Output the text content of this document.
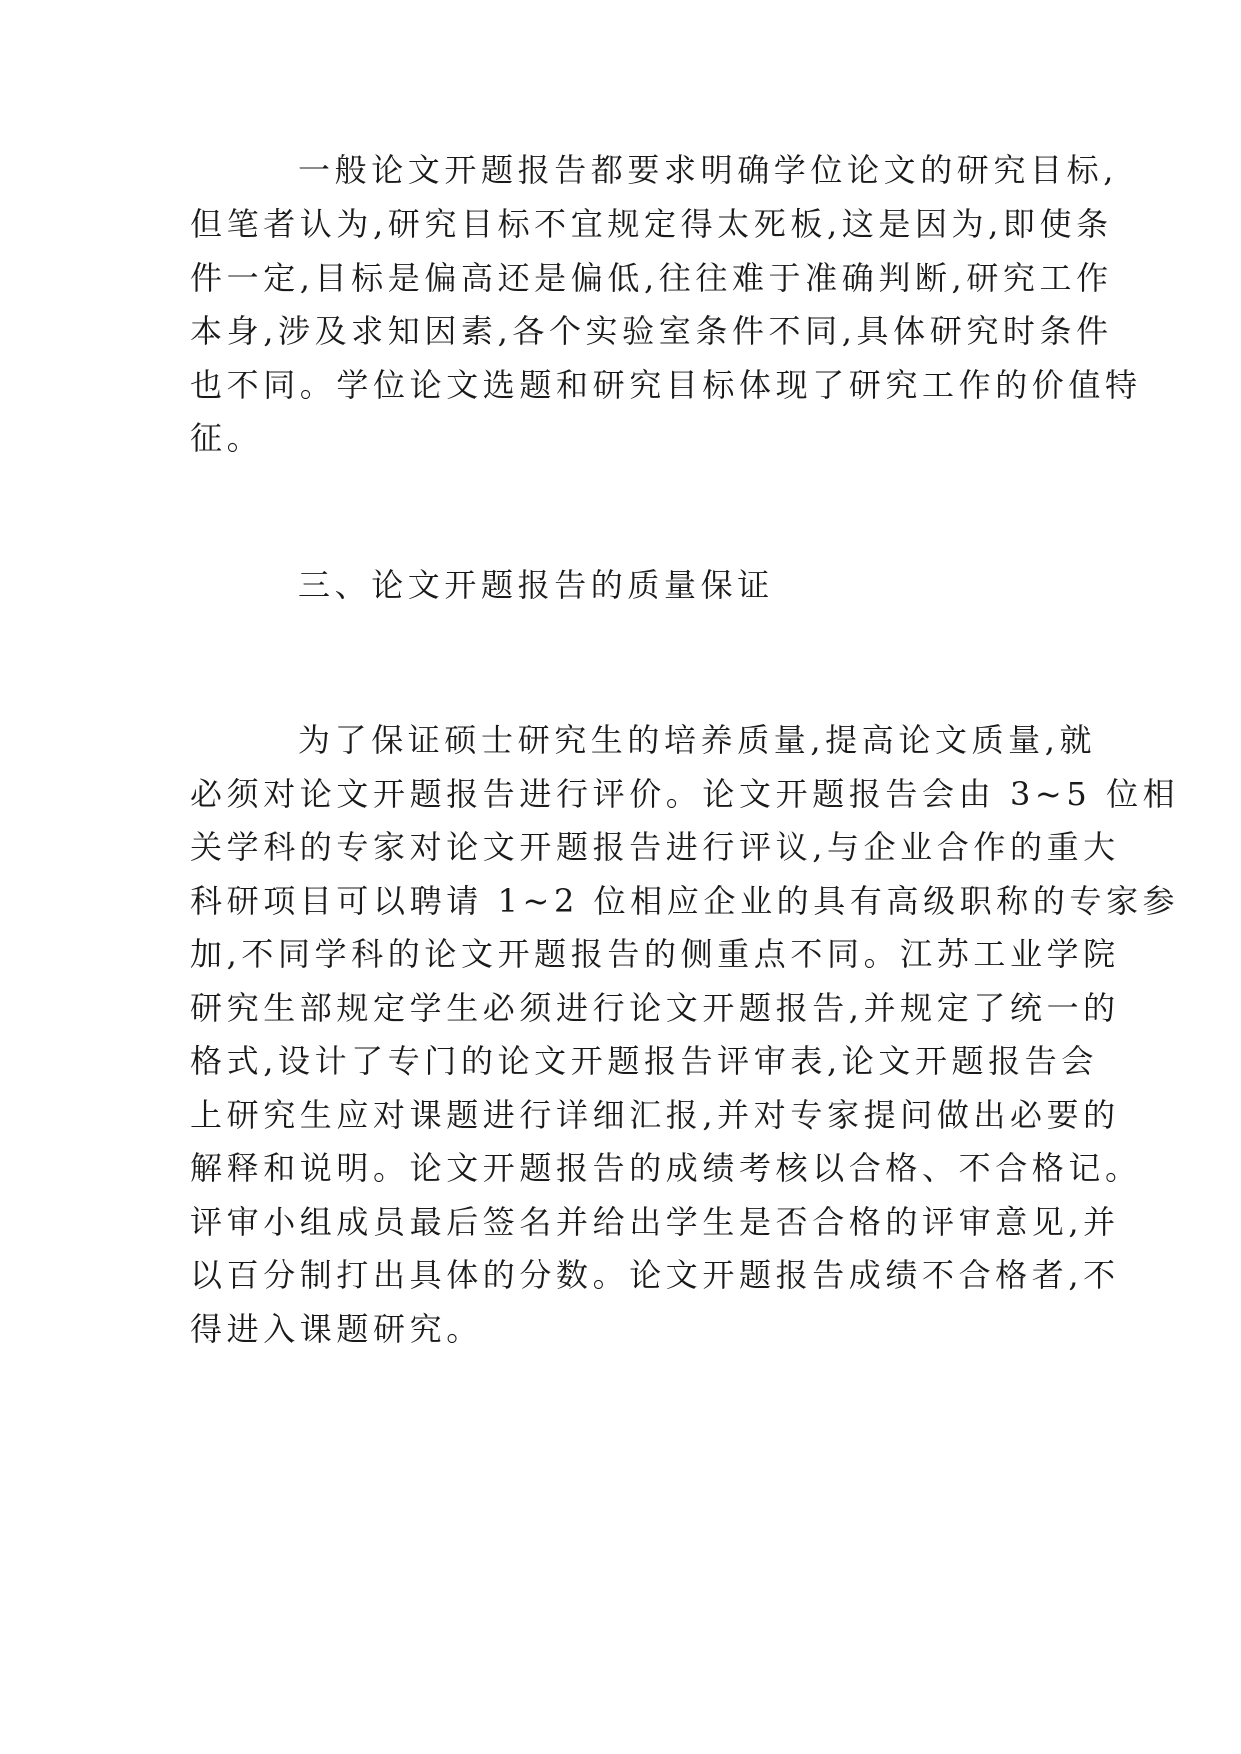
一般论文开题报告都要求明确学位论文的研究目标,

但笔者认为,研究目标不宜规定得太死板,这是因为,即使条

件一定,目标是偏高还是偏低,往往难于准确判断,研究工作

本身,涉及求知因素,各个实验室条件不同,具体研究时条件

也不同。学位论文选题和研究目标体现了研究工作的价值特

征。

三、论文开题报告的质量保证

为了保证硕士研究生的培养质量,提高论文质量,就

必须对论文开题报告进行评价。论文开题报告会由 3~5 位相

关学科的专家对论文开题报告进行评议,与企业合作的重大

科研项目可以聘请 1~2 位相应企业的具有高级职称的专家参

加,不同学科的论文开题报告的侧重点不同。江苏工业学院

研究生部规定学生必须进行论文开题报告,并规定了统一的

格式,设计了专门的论文开题报告评审表,论文开题报告会

上研究生应对课题进行详细汇报,并对专家提问做出必要的

解释和说明。论文开题报告的成绩考核以合格、不合格记。

评审小组成员最后签名并给出学生是否合格的评审意见,并

以百分制打出具体的分数。论文开题报告成绩不合格者,不

得进入课题研究。
